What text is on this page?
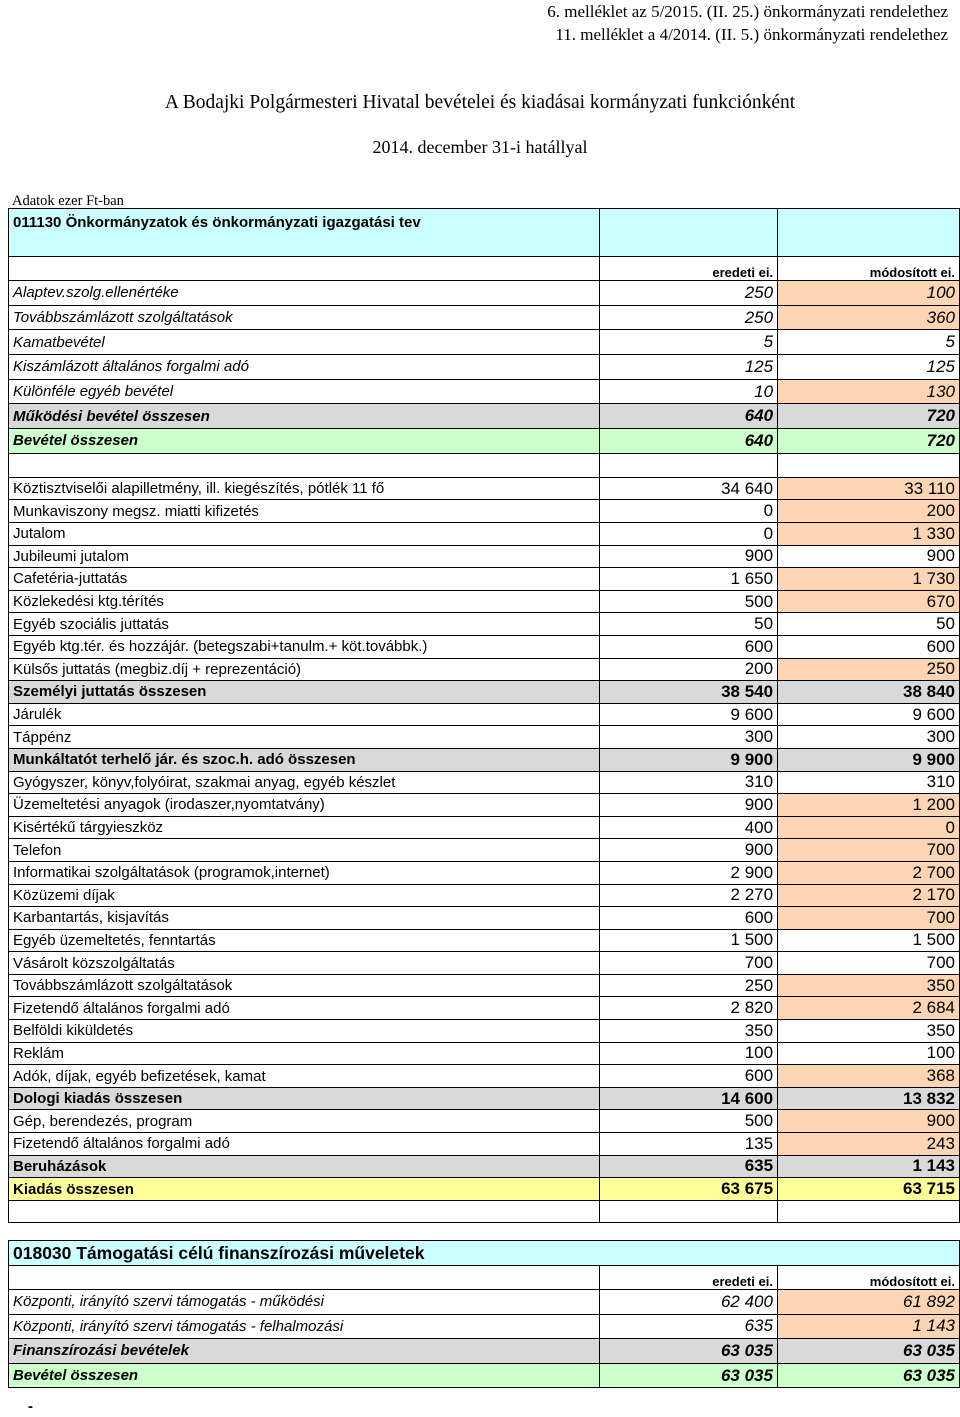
6. melléklet az 5/2015. (II. 25.) önkormányzati rendelethez
11. melléklet a 4/2014. (II. 5.) önkormányzati rendelethez
A Bodajki Polgármesteri Hivatal bevételei és kiadásai kormányzati funkciónként
2014. december 31-i hatállyal
Adatok ezer Ft-ban
011130 Önkormányzatok és önkormányzati igazgatási tev		
	eredeti ei.	módosított ei.
Alaptev.szolg.ellenértéke	250	100
Továbbszámlázott szolgáltatások	250	360
Kamatbevétel	5	5
Kiszámlázott általános forgalmi adó	125	125
Különféle egyéb bevétel	10	130
Működési bevétel összesen	640	720
Bevétel összesen	640	720

Köztisztviselői alapilletmény, ill. kiegészítés, pótlék 11 fő	34 640	33 110
Munkaviszony megsz. miatti kifizetés	0	200
Jutalom	0	1 330
Jubileumi jutalom	900	900
Cafetéria-juttatás	1 650	1 730
Közlekedési ktg.térítés	500	670
Egyéb szociális juttatás	50	50
Egyéb ktg.tér. és hozzájár. (betegszabi+tanulm.+ köt.továbbk.)	600	600
Külsős juttatás (megbiz.díj + reprezentáció)	200	250
Személyi juttatás összesen	38 540	38 840
Járulék	9 600	9 600
Táppénz	300	300
Munkáltatót terhelő jár. és szoc.h. adó összesen	9 900	9 900
Gyógyszer, könyv,folyóirat, szakmai anyag, egyéb készlet	310	310
Üzemeltetési anyagok (irodaszer,nyomtatvány)	900	1 200
Kisértékű tárgyieszköz	400	0
Telefon	900	700
Informatikai szolgáltatások (programok,internet)	2 900	2 700
Közüzemi díjak	2 270	2 170
Karbantartás, kisjavítás	600	700
Egyéb üzemeltetés, fenntartás	1 500	1 500
Vásárolt közszolgáltatás	700	700
Továbbszámlázott szolgáltatások	250	350
Fizetendő általános forgalmi adó	2 820	2 684
Belföldi kiküldetés	350	350
Reklám	100	100
Adók, díjak, egyéb befizetések, kamat	600	368
Dologi kiadás összesen	14 600	13 832
Gép, berendezés, program	500	900
Fizetendő általános forgalmi adó	135	243
Beruházások	635	1 143
Kiadás összesen	63 675	63 715

018030 Támogatási célú finanszírozási műveletek		
	eredeti ei.	módosított ei.
Központi, irányító szervi támogatás - működési	62 400	61 892
Központi, irányító szervi támogatás - felhalmozási	635	1 143
Finanszírozási bevételek	63 035	63 035
Bevétel összesen	63 035	63 035
-
